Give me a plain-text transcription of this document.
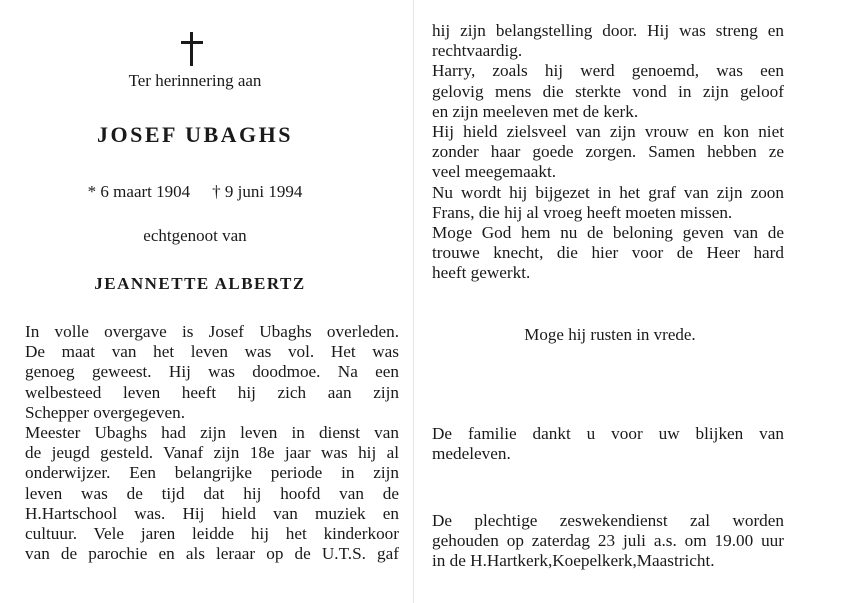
Ter herinnering aan
JOSEF UBAGHS
* 6 maart 1904 † 9 juni 1994
echtgenoot van
JEANNETTE ALBERTZ
In volle overgave is Josef Ubaghs overleden.
De maat van het leven was vol. Het was
genoeg geweest. Hij was doodmoe. Na een
welbesteed leven heeft hij zich aan zijn
Schepper overgegeven.
Meester Ubaghs had zijn leven in dienst van
de jeugd gesteld. Vanaf zijn 18e jaar was hij al
onderwijzer. Een belangrijke periode in zijn
leven was de tijd dat hij hoofd van de
H.Hartschool was. Hij hield van muziek en
cultuur. Vele jaren leidde hij het kinderkoor
van de parochie en als leraar op de U.T.S. gaf
hij zijn belangstelling door. Hij was streng en
rechtvaardig.
Harry, zoals hij werd genoemd, was een
gelovig mens die sterkte vond in zijn geloof
en zijn meeleven met de kerk.
Hij hield zielsveel van zijn vrouw en kon niet
zonder haar goede zorgen. Samen hebben ze
veel meegemaakt.
Nu wordt hij bijgezet in het graf van zijn zoon
Frans, die hij al vroeg heeft moeten missen.
Moge God hem nu de beloning geven van de
trouwe knecht, die hier voor de Heer hard
heeft gewerkt.
Moge hij rusten in vrede.
De familie dankt u voor uw blijken van
medeleven.
De plechtige zeswekendienst zal worden
gehouden op zaterdag 23 juli a.s. om 19.00 uur
in de H.Hartkerk,Koepelkerk,Maastricht.
